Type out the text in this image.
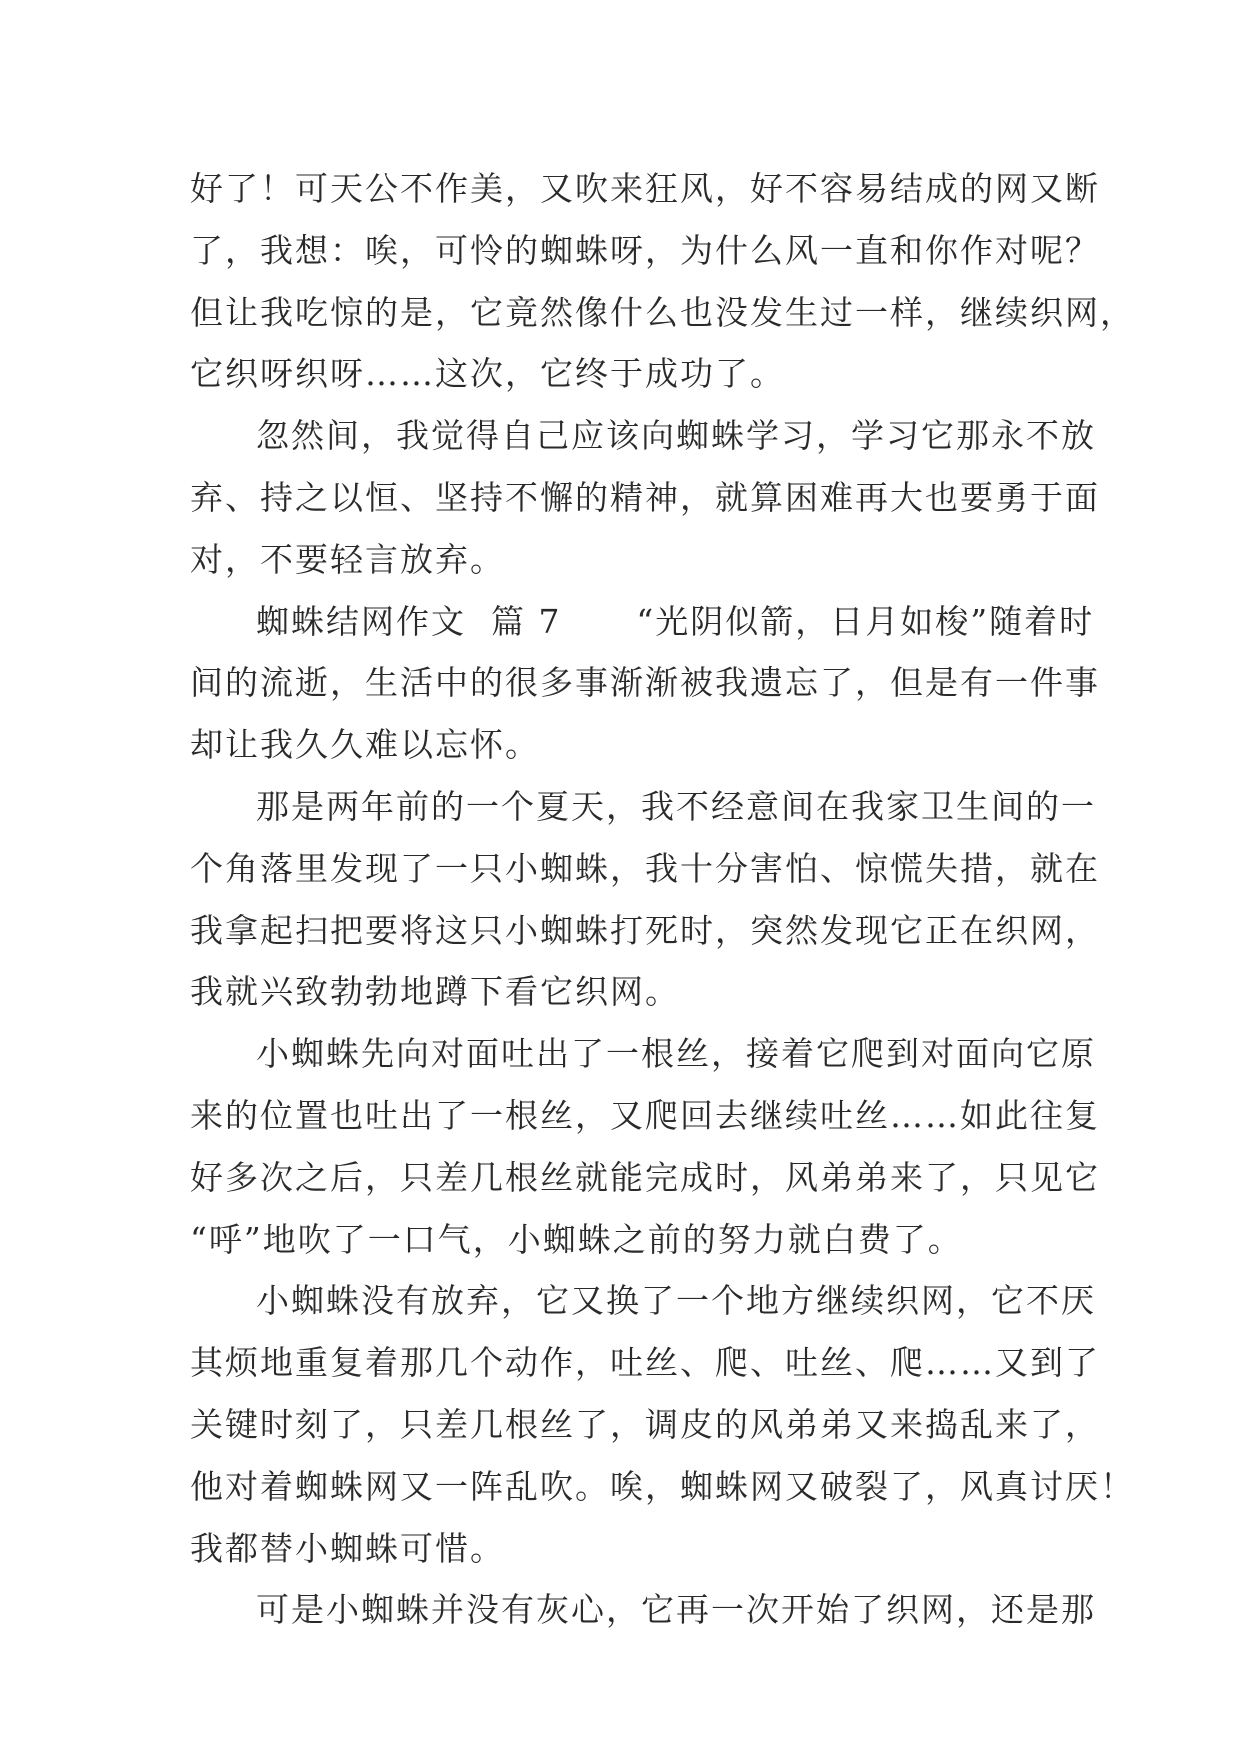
好了！可天公不作美，又吹来狂风，好不容易结成的网又断
了，我想：唉，可怜的蜘蛛呀，为什么风一直和你作对呢？
但让我吃惊的是，它竟然像什么也没发生过一样，继续织网，
它织呀织呀……这次，它终于成功了。
忽然间，我觉得自己应该向蜘蛛学习，学习它那永不放
弃、持之以恒、坚持不懈的精神，就算困难再大也要勇于面
对，不要轻言放弃。
蜘蛛结网作文  篇 7      “光阴似箭，日月如梭”随着时
间的流逝，生活中的很多事渐渐被我遗忘了，但是有一件事
却让我久久难以忘怀。
那是两年前的一个夏天，我不经意间在我家卫生间的一
个角落里发现了一只小蜘蛛，我十分害怕、惊慌失措，就在
我拿起扫把要将这只小蜘蛛打死时，突然发现它正在织网，
我就兴致勃勃地蹲下看它织网。
小蜘蛛先向对面吐出了一根丝，接着它爬到对面向它原
来的位置也吐出了一根丝，又爬回去继续吐丝……如此往复
好多次之后，只差几根丝就能完成时，风弟弟来了，只见它
“呼”地吹了一口气，小蜘蛛之前的努力就白费了。
小蜘蛛没有放弃，它又换了一个地方继续织网，它不厌
其烦地重复着那几个动作，吐丝、爬、吐丝、爬……又到了
关键时刻了，只差几根丝了，调皮的风弟弟又来捣乱来了，
他对着蜘蛛网又一阵乱吹。唉，蜘蛛网又破裂了，风真讨厌！
我都替小蜘蛛可惜。
可是小蜘蛛并没有灰心，它再一次开始了织网，还是那
